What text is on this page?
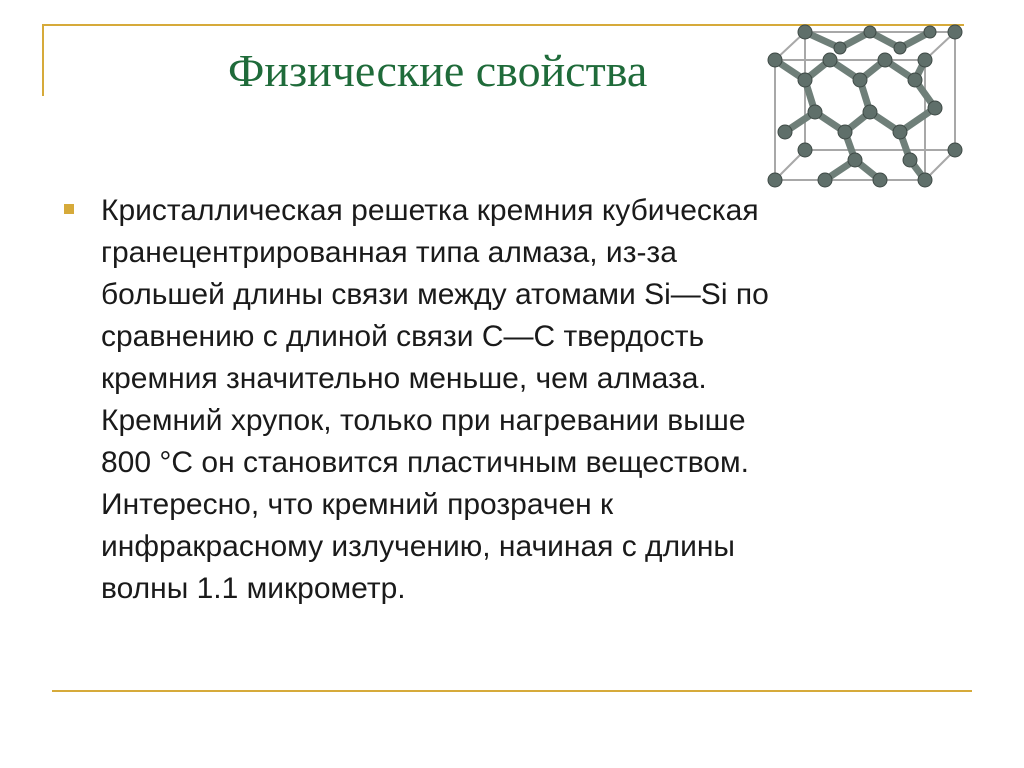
Физические свойства

Кристаллическая решетка кремния кубическая
гранецентрированная типа алмаза, из-за
большей длины связи между атомами Si—Si по
сравнению с длиной связи С—С твердость
кремния значительно меньше, чем алмаза.
Кремний хрупок, только при нагревании выше
800 °С он становится пластичным веществом.
Интересно, что кремний прозрачен к
инфракрасному излучению, начиная с длины
волны 1.1 микрометр.
